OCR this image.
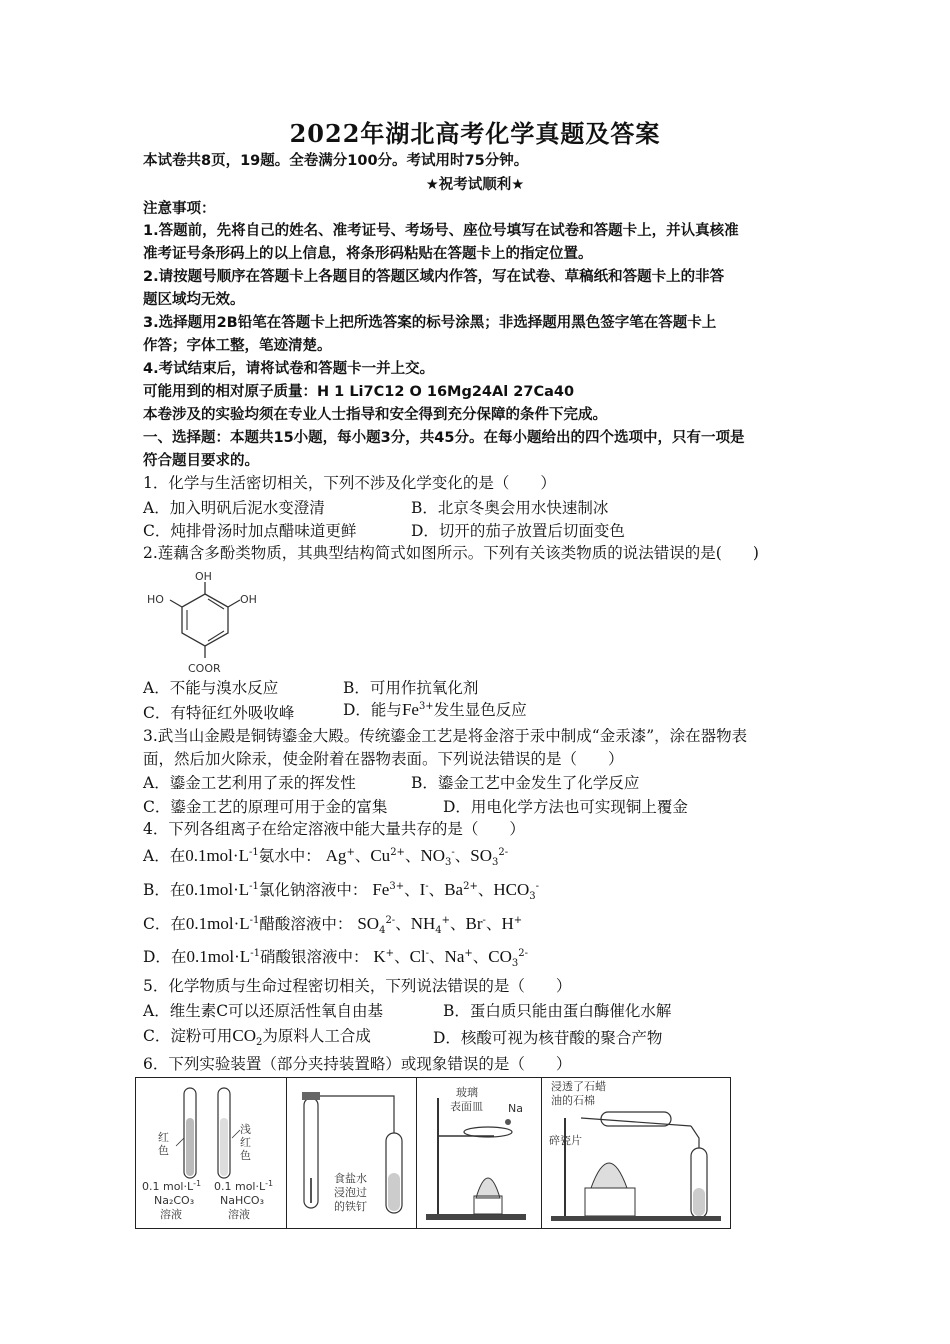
2022年湖北高考化学真题及答案
本试卷共8页，19题。全卷满分100分。考试用时75分钟。
★祝考试顺利★
注意事项：
1.答题前，先将自己的姓名、准考证号、考场号、座位号填写在试卷和答题卡上，并认真核准
准考证号条形码上的以上信息，将条形码粘贴在答题卡上的指定位置。
2.请按题号顺序在答题卡上各题目的答题区域内作答，写在试卷、草稿纸和答题卡上的非答
题区域均无效。
3.选择题用2B铅笔在答题卡上把所选答案的标号涂黑；非选择题用黑色签字笔在答题卡上
作答；字体工整，笔迹清楚。
4.考试结束后，请将试卷和答题卡一并上交。
可能用到的相对原子质量：H 1 Li7C12 O 16Mg24Al 27Ca40
本卷涉及的实验均须在专业人士指导和安全得到充分保障的条件下完成。
一、选择题：本题共15小题，每小题3分，共45分。在每小题给出的四个选项中，只有一项是
符合题目要求的。
1．化学与生活密切相关，下列不涉及化学变化的是（　　）
A．加入明矾后泥水变澄清	B．北京冬奥会用水快速制冰
C．炖排骨汤时加点醋味道更鲜	D．切开的茄子放置后切面变色
2.莲藕含多酚类物质，其典型结构简式如图所示。下列有关该类物质的说法错误的是(　　)
OH
HO	OH
COOR
A．不能与溴水反应	B．可用作抗氧化剂
C．有特征红外吸收峰	D．能与$Fe^{3+}$发生显色反应
3.武当山金殿是铜铸鎏金大殿。传统鎏金工艺是将金溶于汞中制成“金汞漆”，涂在器物表
面，然后加火除汞，使金附着在器物表面。下列说法错误的是（　　）
A．鎏金工艺利用了汞的挥发性	B．鎏金工艺中金发生了化学反应
C．鎏金工艺的原理可用于金的富集	D．用电化学方法也可实现铜上覆金
4．下列各组离子在给定溶液中能大量共存的是（　　）
A．在$0.1mol\cdot L^{-1}$氨水中： Ag+、$Cu^{2+}$、$NO_3^-$、$SO_3^{2-}$
B．在$0.1mol\cdot L^{-1}$氯化钠溶液中： $Fe^{3+}$、I-、$Ba^{2+}$、$HCO_3^-$
C．在$0.1mol\cdot L^{-1}$醋酸溶液中： $SO_4^{2-}$、$NH_4^+$、Br-、H+
D．在$0.1mol\cdot L^{-1}$硝酸银溶液中： K+、Cl-、Na+、$CO_3^{2-}$
5．化学物质与生命过程密切相关，下列说法错误的是（　　）
A．维生素C可以还原活性氧自由基	B．蛋白质只能由蛋白酶催化水解
C．淀粉可用$CO_2$为原料人工合成	D．核酸可视为核苷酸的聚合产物
6．下列实验装置（部分夹持装置略）或现象错误的是（　　）
红
色
浅
红
色
0.1 $mol\cdot L^{-1}$
Na₂CO₃
溶液
0.1 $mol\cdot L^{-1}$
NaHCO₃
溶液
食盐水
浸泡过
的铁钉
玻璃
表面皿 Na
浸透了石蜡
油的石棉
碎瓷片
